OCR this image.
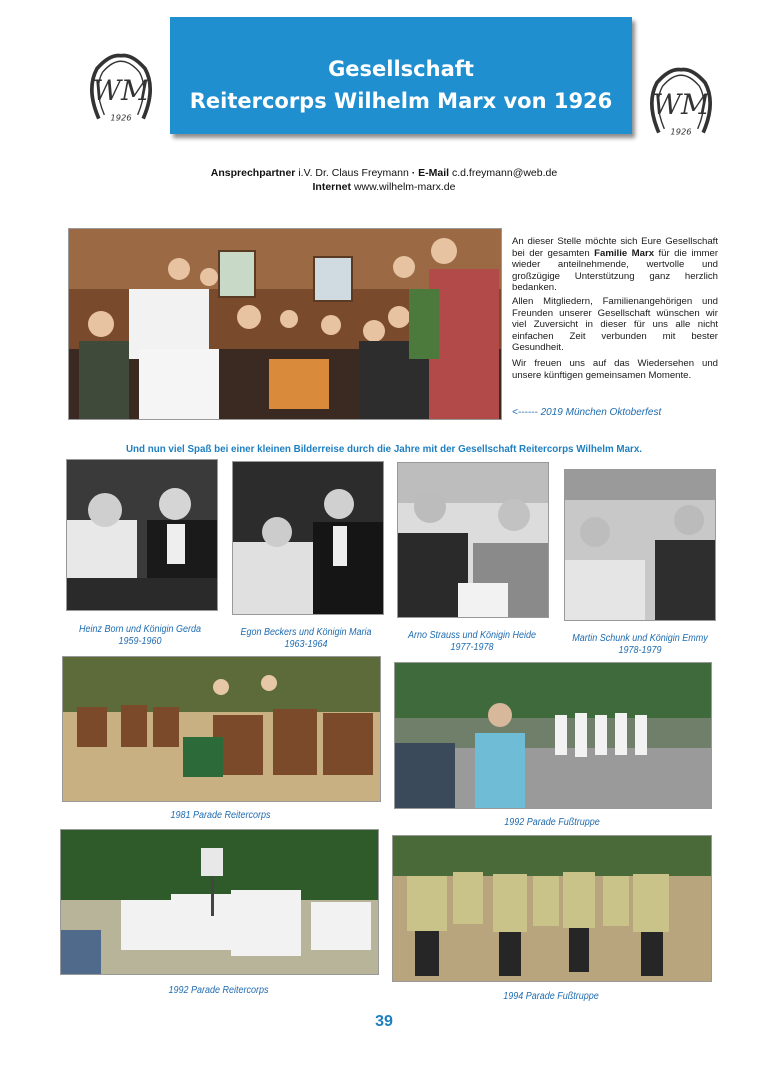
Gesellschaft
Reitercorps Wilhelm Marx von 1926
WM
1926	WM
1926
Ansprechpartner i.V. Dr. Claus Freymann · E-Mail c.d.freymann@web.de
Internet www.wilhelm-marx.de
An dieser Stelle möchte sich Eure Gesellschaft bei der gesamten Familie Marx für die immer wieder anteilnehmende, wertvolle und großzügige Unterstützung ganz herzlich bedanken.
Allen Mitgliedern, Familienangehörigen und Freunden unserer Gesellschaft wünschen wir viel Zuversicht in dieser für uns alle nicht einfachen Zeit verbunden mit bester Gesundheit.
Wir freuen uns auf das Wiedersehen und unsere künftigen gemeinsamen Momente.
<------ 2019 München Oktoberfest
Und nun viel Spaß bei einer kleinen Bilderreise durch die Jahre mit der Gesellschaft Reitercorps Wilhelm Marx.
Heinz Born und Königin Gerda
1959-1960
Egon Beckers und Königin Maria
1963-1964
Arno Strauss und Königin Heide
1977-1978
Martin Schunk und Königin Emmy
1978-1979
1981 Parade Reitercorps
1992 Parade Fußtruppe
1992 Parade Reitercorps
1994 Parade Fußtruppe
39
